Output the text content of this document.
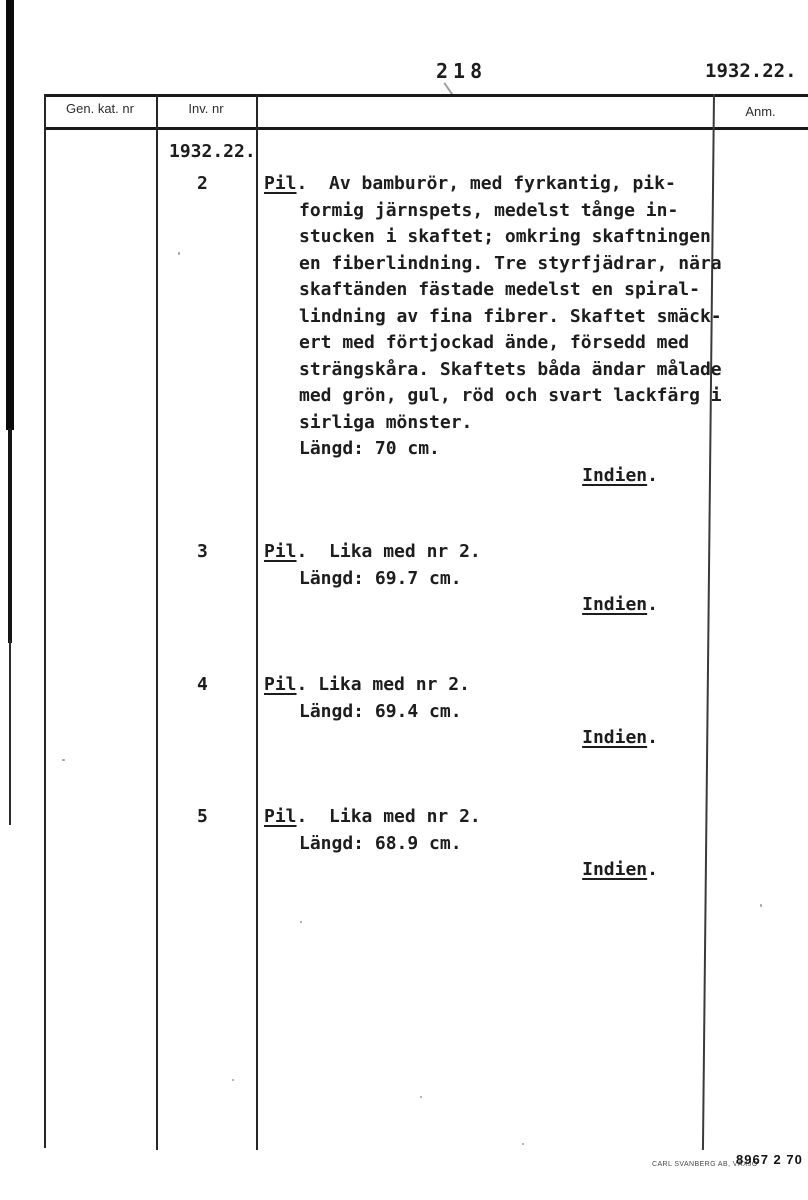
218	1932.22.
Gen. kat. nr	Inv. nr	Anm.
1932.22.
2	Pil.  Av bamburör, med fyrkantig, pik-
formig järnspets, medelst tånge in-
stucken i skaftet; omkring skaftningen
en fiberlindning. Tre styrfjädrar, nära
skaftänden fästade medelst en spiral-
lindning av fina fibrer. Skaftet smäck-
ert med förtjockad ände, försedd med
strängskåra. Skaftets båda ändar målade
med grön, gul, röd och svart lackfärg i
sirliga mönster.
Längd: 70 cm.
Indien.
3	Pil.  Lika med nr 2.
Längd: 69.7 cm.
Indien.
4	Pil. Lika med nr 2.
Längd: 69.4 cm.
Indien.
5	Pil.  Lika med nr 2.
Längd: 68.9 cm.
Indien.
CARL SVANBERG AB, VÄXJÖ
8967 2 70
